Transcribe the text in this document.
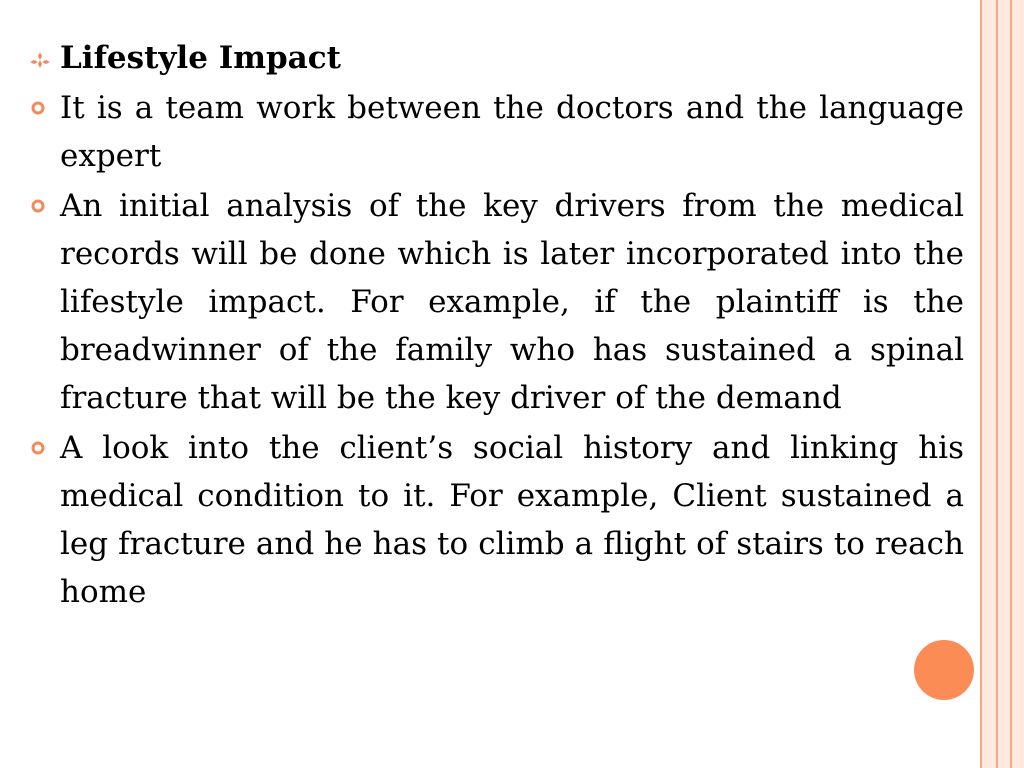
Lifestyle Impact
It is a team work between the doctors and the language expert
An initial analysis of the key drivers from the medical records will be done which is later incorporated into the lifestyle impact. For example, if the plaintiff is the breadwinner of the family who has sustained a spinal fracture that will be the key driver of the demand
A look into the client’s social history and linking his medical condition to it. For example, Client sustained a leg fracture and he has to climb a flight of stairs to reach home
